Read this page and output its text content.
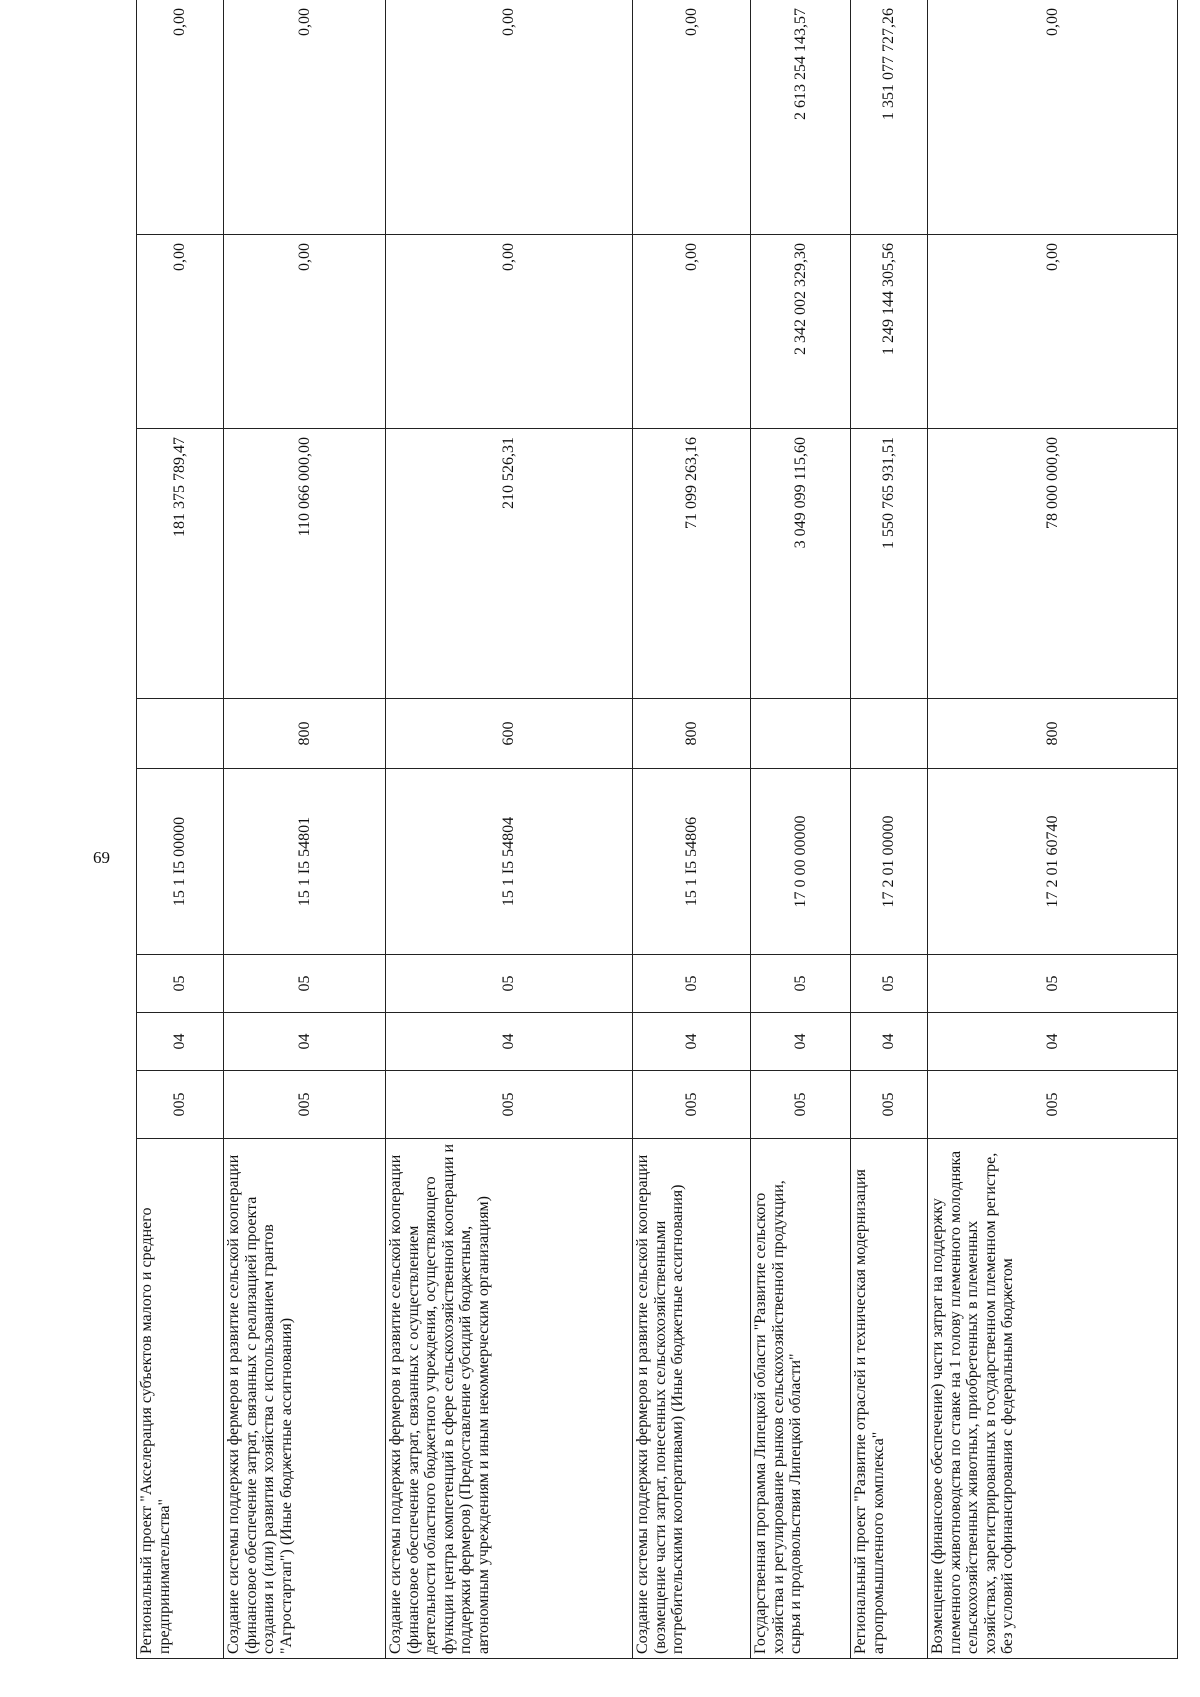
69
Региональный проект "Акселерация субъектов малого и среднего предпринимательства"	005	04	05	15 1 I5 00000		181 375 789,47	0,00	0,00
Создание системы поддержки фермеров и развитие сельской кооперации (финансовое обеспечение затрат, связанных с реализацией проекта создания и (или) развития хозяйства с использованием грантов "Агростартап") (Иные бюджетные ассигнования)	005	04	05	15 1 I5 54801	800	110 066 000,00	0,00	0,00
Создание системы поддержки фермеров и развитие сельской кооперации (финансовое обеспечение затрат, связанных с осуществлением деятельности областного бюджетного учреждения, осуществляющего функции центра компетенций в сфере сельскохозяйственной кооперации и поддержки фермеров) (Предоставление субсидий бюджетным, автономным учреждениям и иным некоммерческим организациям)	005	04	05	15 1 I5 54804	600	210 526,31	0,00	0,00
Создание системы поддержки фермеров и развитие сельской кооперации (возмещение части затрат, понесенных сельскохозяйственными потребительскими кооперативами) (Иные бюджетные ассигнования)	005	04	05	15 1 I5 54806	800	71 099 263,16	0,00	0,00
Государственная программа Липецкой области "Развитие сельского хозяйства и регулирование рынков сельскохозяйственной продукции, сырья и продовольствия Липецкой области"	005	04	05	17 0 00 00000		3 049 099 115,60	2 342 002 329,30	2 613 254 143,57
Региональный проект "Развитие отраслей и техническая модернизация агропромышленного комплекса"	005	04	05	17 2 01 00000		1 550 765 931,51	1 249 144 305,56	1 351 077 727,26
Возмещение (финансовое обеспечение) части затрат на поддержку племенного животноводства по ставке на 1 голову племенного молодняка сельскохозяйственных животных, приобретенных в племенных хозяйствах, зарегистрированных в государственном племенном регистре, без условий софинансирования с федеральным бюджетом	005	04	05	17 2 01 60740	800	78 000 000,00	0,00	0,00
